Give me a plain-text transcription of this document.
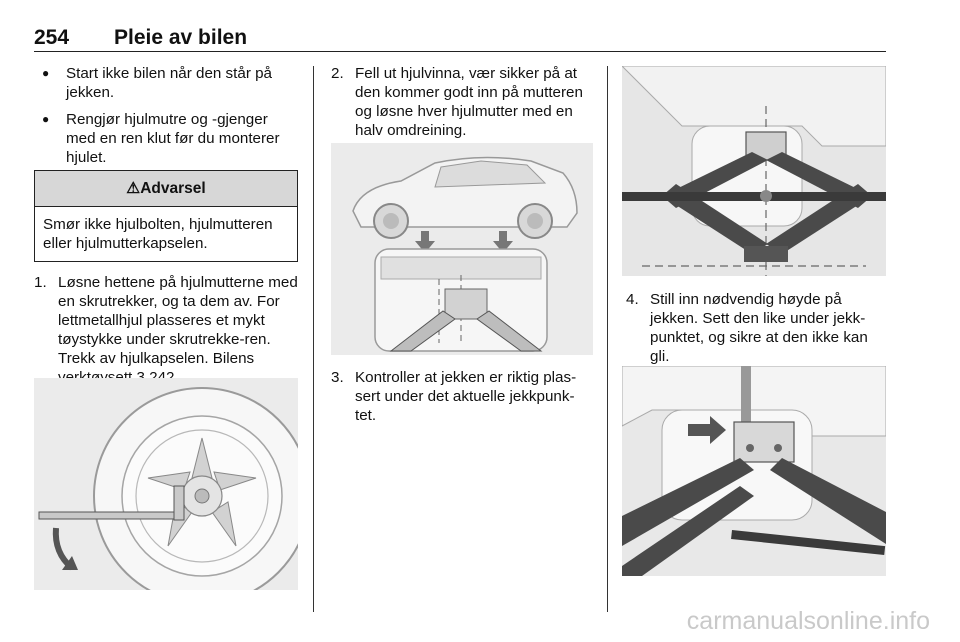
254 Pleie av bilen
● Start ikke bilen når den står på jekken.
● Rengjør hjulmutre og -gjenger med en ren klut før du monterer hjulet.
⚠Advarsel
Smør ikke hjulbolten, hjulmutteren eller hjulmutterkapselen.
1. Løsne hettene på hjulmutterne med en skrutrekker, og ta dem av. For lettmetallhjul plasseres et mykt tøystykke under skrutrekke-ren. Trekk av hjulkapselen. Bilens
2. Fell ut hjulvinna, vær sikker på at den kommer godt inn på mutteren og løsne hver hjulmutter med en halv omdreining.
3. Kontroller at jekken er riktig plas-sert under det aktuelle jekkpunk-tet.
4. Still inn nødvendig høyde på jekken. Sett den like under jekk-punktet, og sikre at den ikke kan gli.
carmanualsonline.info
